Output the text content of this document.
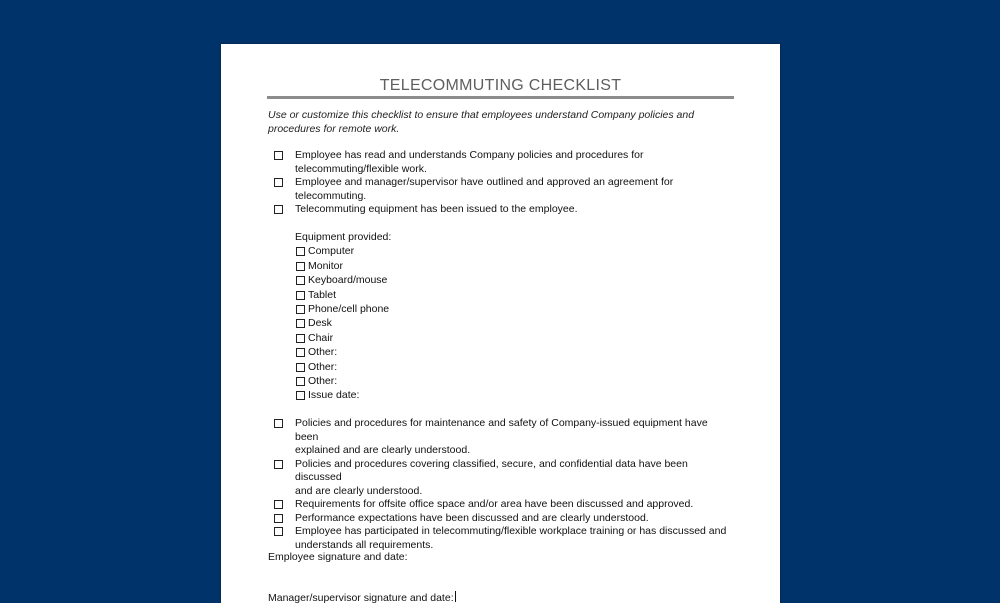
TELECOMMUTING CHECKLIST
Use or customize this checklist to ensure that employees understand Company policies and procedures for remote work.
Employee has read and understands Company policies and procedures for
telecommuting/flexible work.
Employee and manager/supervisor have outlined and approved an agreement for
telecommuting.
Telecommuting equipment has been issued to the employee.
Policies and procedures for maintenance and safety of Company-issued equipment have been
explained and are clearly understood.
Policies and procedures covering classified, secure, and confidential data have been discussed
and are clearly understood.
Requirements for offsite office space and/or area have been discussed and approved.
Performance expectations have been discussed and are clearly understood.
Employee has participated in telecommuting/flexible workplace training or has discussed and
understands all requirements.
Equipment provided:
Computer
Monitor
Keyboard/mouse
Tablet
Phone/cell phone
Desk
Chair
Other:
Other:
Other:
Issue date:
Employee signature and date:
Manager/supervisor signature and date:
